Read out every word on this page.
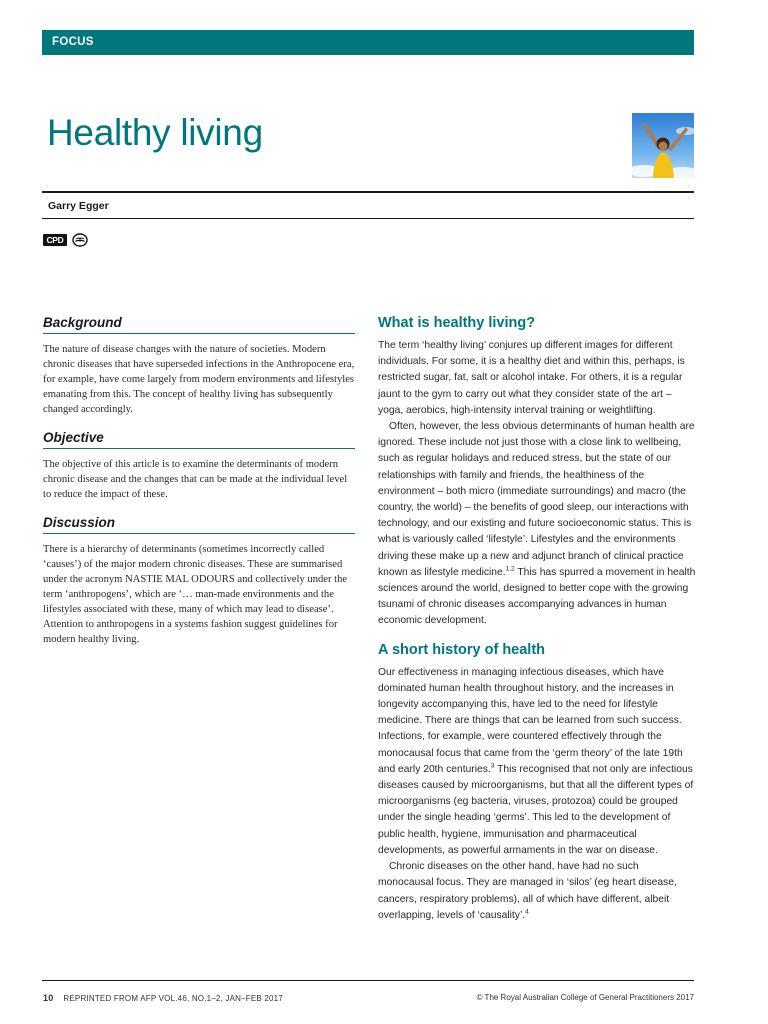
FOCUS
Healthy living
Garry Egger
CPD
Background

The nature of disease changes with the nature of societies. Modern chronic diseases that have superseded infections in the Anthropocene era, for example, have come largely from modern environments and lifestyles emanating from this. The concept of healthy living has subsequently changed accordingly.

Objective

The objective of this article is to examine the determinants of modern chronic disease and the changes that can be made at the individual level to reduce the impact of these.

Discussion

There is a hierarchy of determinants (sometimes incorrectly called ‘causes’) of the major modern chronic diseases. These are summarised under the acronym NASTIE MAL ODOURS and collectively under the term ‘anthropogens’, which are ‘… man-made environments and the lifestyles associated with these, many of which may lead to disease’. Attention to anthropogens in a systems fashion suggest guidelines for modern healthy living.

What is healthy living?

The term ‘healthy living’ conjures up different images for different individuals. For some, it is a healthy diet and within this, perhaps, is restricted sugar, fat, salt or alcohol intake. For others, it is a regular jaunt to the gym to carry out what they consider state of the art – yoga, aerobics, high-intensity interval training or weightlifting.

Often, however, the less obvious determinants of human health are ignored. These include not just those with a close link to wellbeing, such as regular holidays and reduced stress, but the state of our relationships with family and friends, the healthiness of the environment – both micro (immediate surroundings) and macro (the country, the world) – the benefits of good sleep, our interactions with technology, and our existing and future socioeconomic status. This is what is variously called ‘lifestyle’. Lifestyles and the environments driving these make up a new and adjunct branch of clinical practice known as lifestyle medicine.$^{1,2}$ This has spurred a movement in health sciences around the world, designed to better cope with the growing tsunami of chronic diseases accompanying advances in human economic development.

A short history of health

Our effectiveness in managing infectious diseases, which have dominated human health throughout history, and the increases in longevity accompanying this, have led to the need for lifestyle medicine. There are things that can be learned from such success. Infections, for example, were countered effectively through the monocausal focus that came from the ‘germ theory’ of the late 19th and early 20th centuries.$^3$ This recognised that not only are infectious diseases caused by microorganisms, but that all the different types of microorganisms (eg bacteria, viruses, protozoa) could be grouped under the single heading ‘germs’. This led to the development of public health, hygiene, immunisation and pharmaceutical developments, as powerful armaments in the war on disease.

Chronic diseases on the other hand, have had no such monocausal focus. They are managed in ‘silos’ (eg heart disease, cancers, respiratory problems), all of which have different, albeit overlapping, levels of ‘causality’.$^4$

10 REPRINTED FROM AFP VOL.46, NO.1–2, JAN–FEB 2017	© The Royal Australian College of General Practitioners 2017
